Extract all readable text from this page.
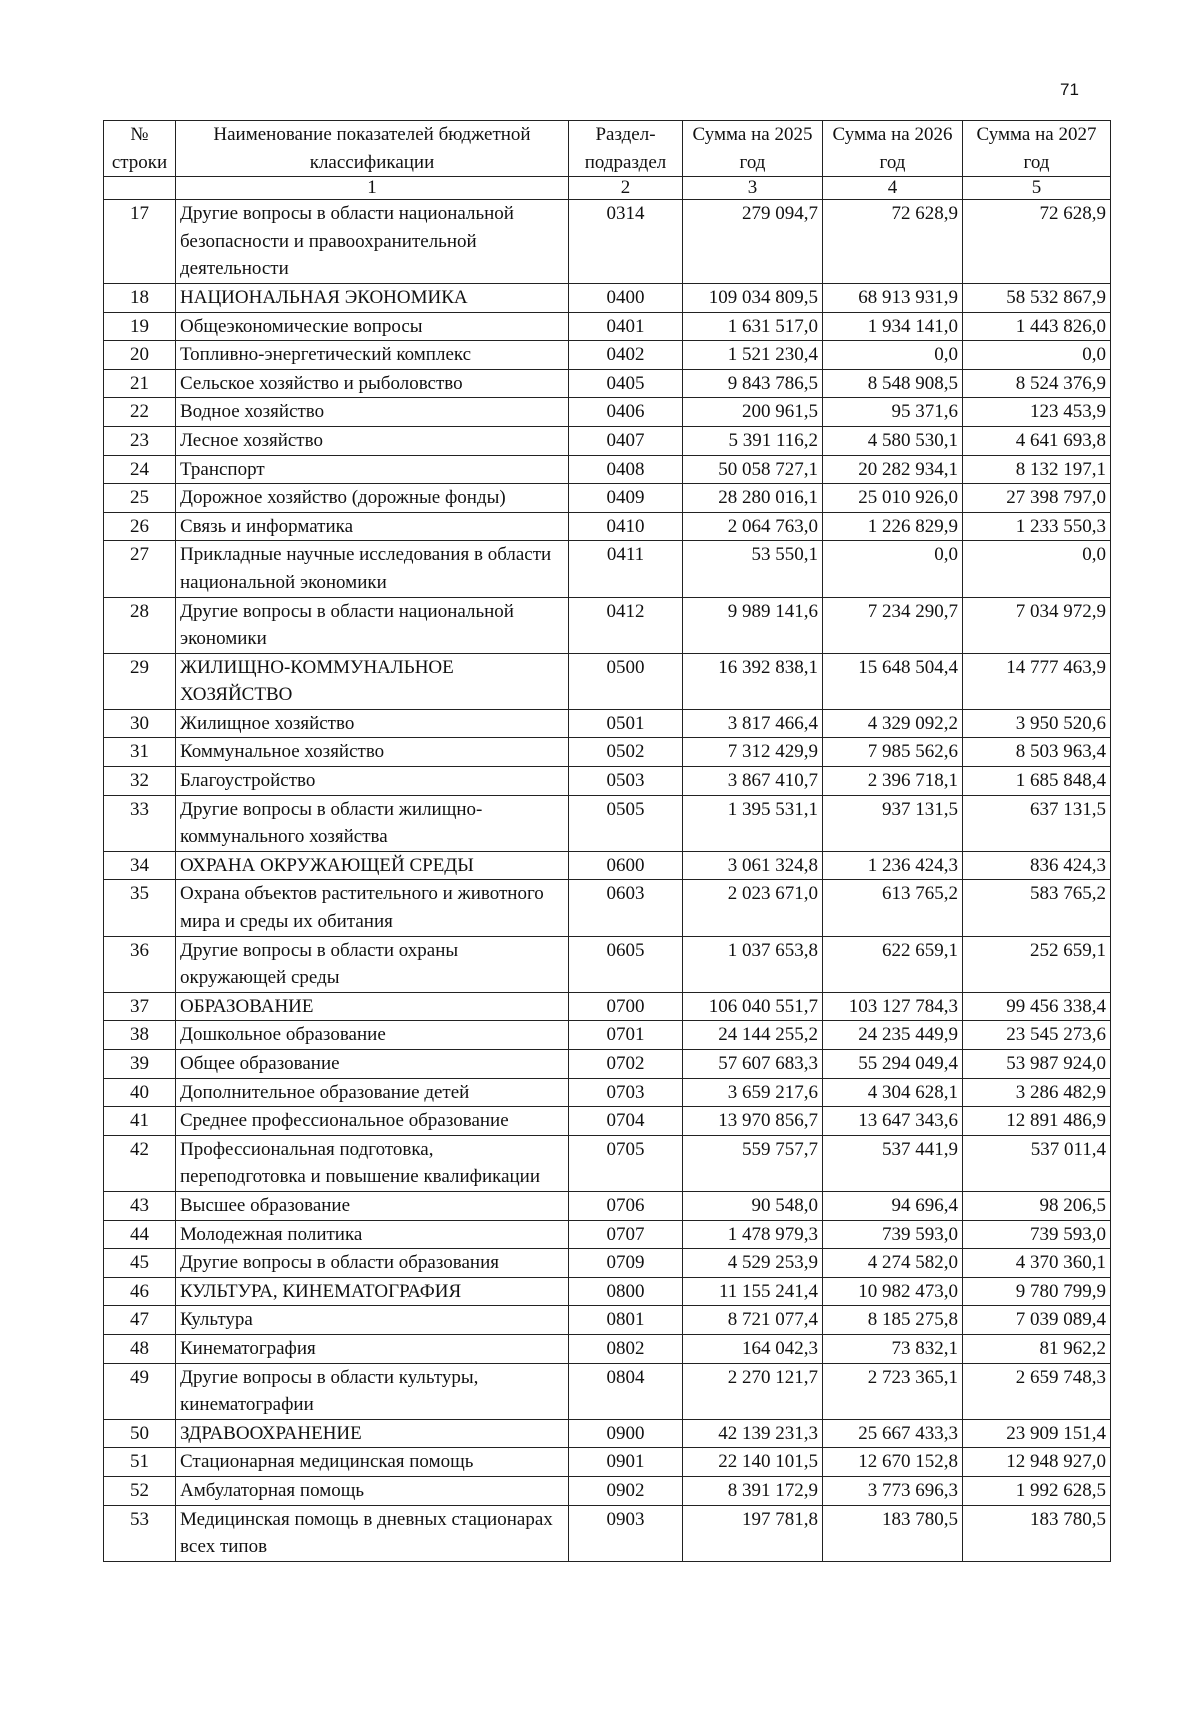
71
№ строки	Наименование показателей бюджетной классификации	Раздел-подраздел	Сумма на 2025 год	Сумма на 2026 год	Сумма на 2027 год
	1	2	3	4	5
17	Другие вопросы в области национальной безопасности и правоохранительной деятельности	0314	279 094,7	72 628,9	72 628,9
18	НАЦИОНАЛЬНАЯ ЭКОНОМИКА	0400	109 034 809,5	68 913 931,9	58 532 867,9
19	Общеэкономические вопросы	0401	1 631 517,0	1 934 141,0	1 443 826,0
20	Топливно-энергетический комплекс	0402	1 521 230,4	0,0	0,0
21	Сельское хозяйство и рыболовство	0405	9 843 786,5	8 548 908,5	8 524 376,9
22	Водное хозяйство	0406	200 961,5	95 371,6	123 453,9
23	Лесное хозяйство	0407	5 391 116,2	4 580 530,1	4 641 693,8
24	Транспорт	0408	50 058 727,1	20 282 934,1	8 132 197,1
25	Дорожное хозяйство (дорожные фонды)	0409	28 280 016,1	25 010 926,0	27 398 797,0
26	Связь и информатика	0410	2 064 763,0	1 226 829,9	1 233 550,3
27	Прикладные научные исследования в области национальной экономики	0411	53 550,1	0,0	0,0
28	Другие вопросы в области национальной экономики	0412	9 989 141,6	7 234 290,7	7 034 972,9
29	ЖИЛИЩНО-КОММУНАЛЬНОЕ ХОЗЯЙСТВО	0500	16 392 838,1	15 648 504,4	14 777 463,9
30	Жилищное хозяйство	0501	3 817 466,4	4 329 092,2	3 950 520,6
31	Коммунальное хозяйство	0502	7 312 429,9	7 985 562,6	8 503 963,4
32	Благоустройство	0503	3 867 410,7	2 396 718,1	1 685 848,4
33	Другие вопросы в области жилищно-коммунального хозяйства	0505	1 395 531,1	937 131,5	637 131,5
34	ОХРАНА ОКРУЖАЮЩЕЙ СРЕДЫ	0600	3 061 324,8	1 236 424,3	836 424,3
35	Охрана объектов растительного и животного мира и среды их обитания	0603	2 023 671,0	613 765,2	583 765,2
36	Другие вопросы в области охраны окружающей среды	0605	1 037 653,8	622 659,1	252 659,1
37	ОБРАЗОВАНИЕ	0700	106 040 551,7	103 127 784,3	99 456 338,4
38	Дошкольное образование	0701	24 144 255,2	24 235 449,9	23 545 273,6
39	Общее образование	0702	57 607 683,3	55 294 049,4	53 987 924,0
40	Дополнительное образование детей	0703	3 659 217,6	4 304 628,1	3 286 482,9
41	Среднее профессиональное образование	0704	13 970 856,7	13 647 343,6	12 891 486,9
42	Профессиональная подготовка, переподготовка и повышение квалификации	0705	559 757,7	537 441,9	537 011,4
43	Высшее образование	0706	90 548,0	94 696,4	98 206,5
44	Молодежная политика	0707	1 478 979,3	739 593,0	739 593,0
45	Другие вопросы в области образования	0709	4 529 253,9	4 274 582,0	4 370 360,1
46	КУЛЬТУРА, КИНЕМАТОГРАФИЯ	0800	11 155 241,4	10 982 473,0	9 780 799,9
47	Культура	0801	8 721 077,4	8 185 275,8	7 039 089,4
48	Кинематография	0802	164 042,3	73 832,1	81 962,2
49	Другие вопросы в области культуры, кинематографии	0804	2 270 121,7	2 723 365,1	2 659 748,3
50	ЗДРАВООХРАНЕНИЕ	0900	42 139 231,3	25 667 433,3	23 909 151,4
51	Стационарная медицинская помощь	0901	22 140 101,5	12 670 152,8	12 948 927,0
52	Амбулаторная помощь	0902	8 391 172,9	3 773 696,3	1 992 628,5
53	Медицинская помощь в дневных стационарах всех типов	0903	197 781,8	183 780,5	183 780,5
